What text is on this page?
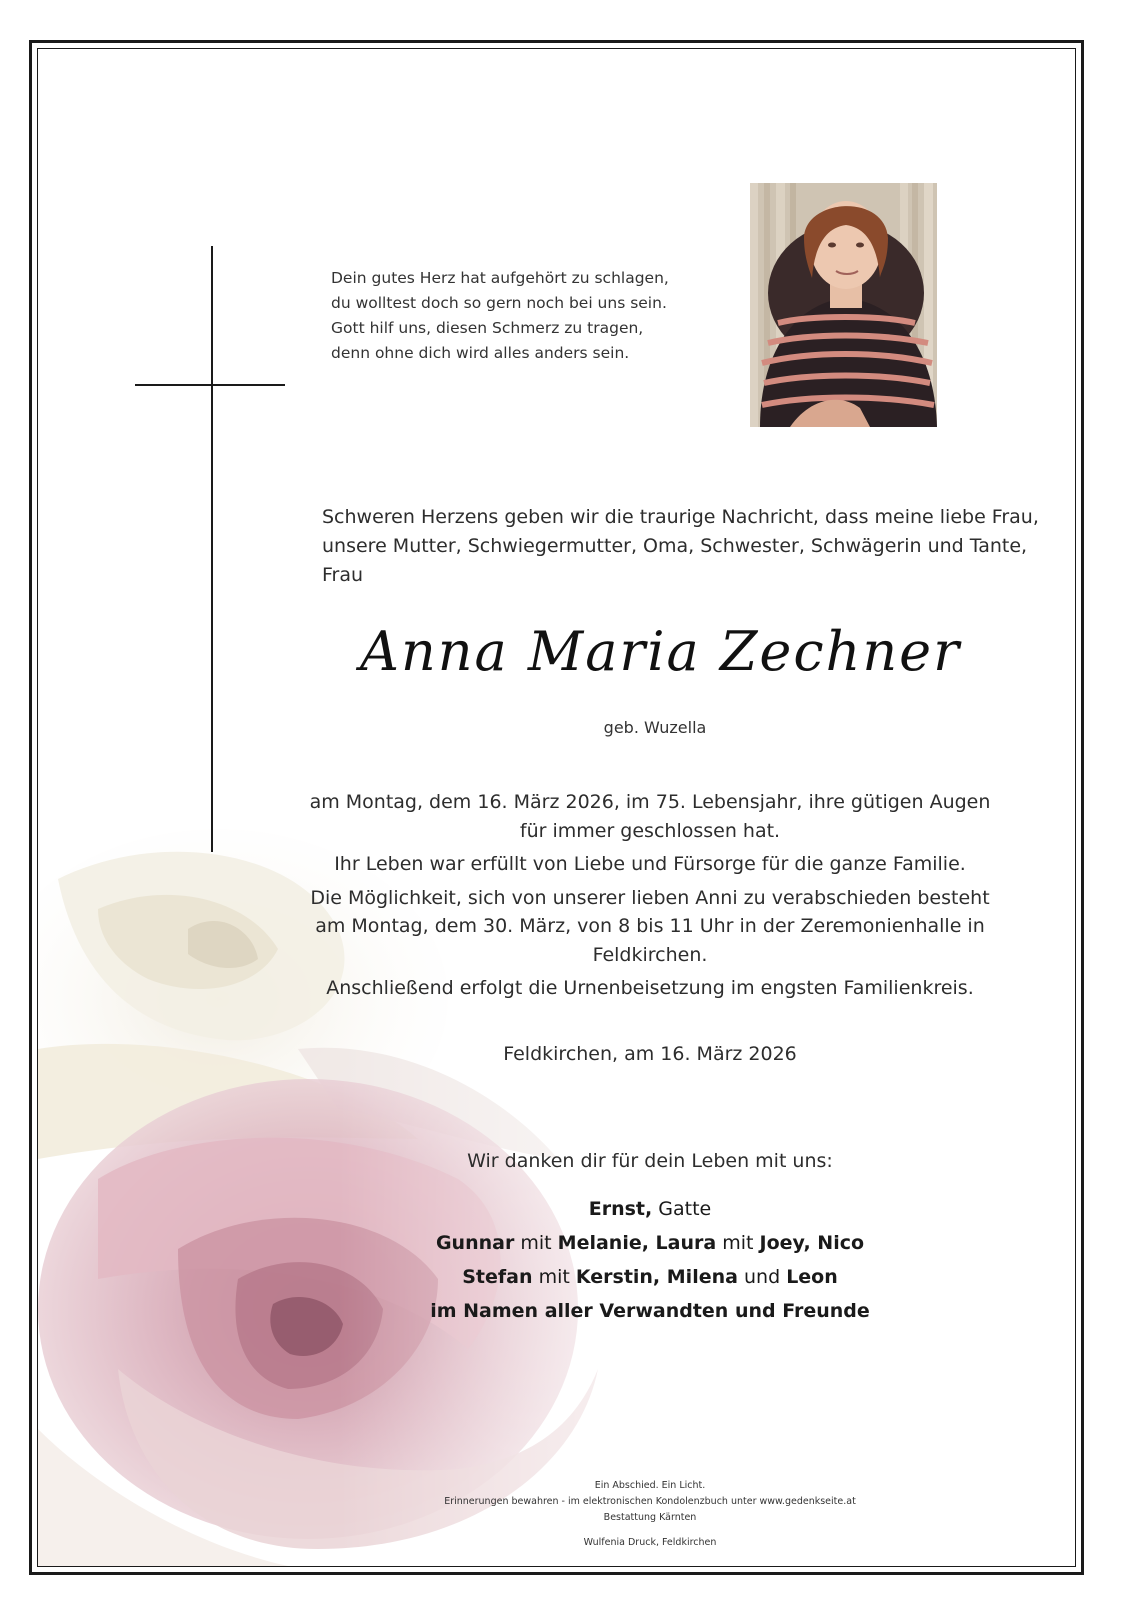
Dein gutes Herz hat aufgehört zu schlagen,
du wolltest doch so gern noch bei uns sein.
Gott hilf uns, diesen Schmerz zu tragen,
denn ohne dich wird alles anders sein.
Schweren Herzens geben wir die traurige Nachricht, dass meine liebe Frau,
unsere Mutter, Schwiegermutter, Oma, Schwester, Schwägerin und Tante,
Frau
Anna Maria Zechner
geb. Wuzella

am Montag, dem 16. März 2026, im 75. Lebensjahr, ihre gütigen Augen für immer geschlossen hat.

Ihr Leben war erfüllt von Liebe und Fürsorge für die ganze Familie.

Die Möglichkeit, sich von unserer lieben Anni zu verabschieden besteht am Montag, dem 30. März, von 8 bis 11 Uhr in der Zeremonienhalle in Feldkirchen.

Anschließend erfolgt die Urnenbeisetzung im engsten Familienkreis.

Feldkirchen, am 16. März 2026
Wir danken dir für dein Leben mit uns:
Ernst, Gatte
Gunnar mit Melanie, Laura mit Joey, Nico
Stefan mit Kerstin, Milena und Leon
im Namen aller Verwandten und Freunde
Ein Abschied. Ein Licht.
Erinnerungen bewahren - im elektronischen Kondolenzbuch unter www.gedenkseite.at
Bestattung Kärnten
Wulfenia Druck, Feldkirchen
